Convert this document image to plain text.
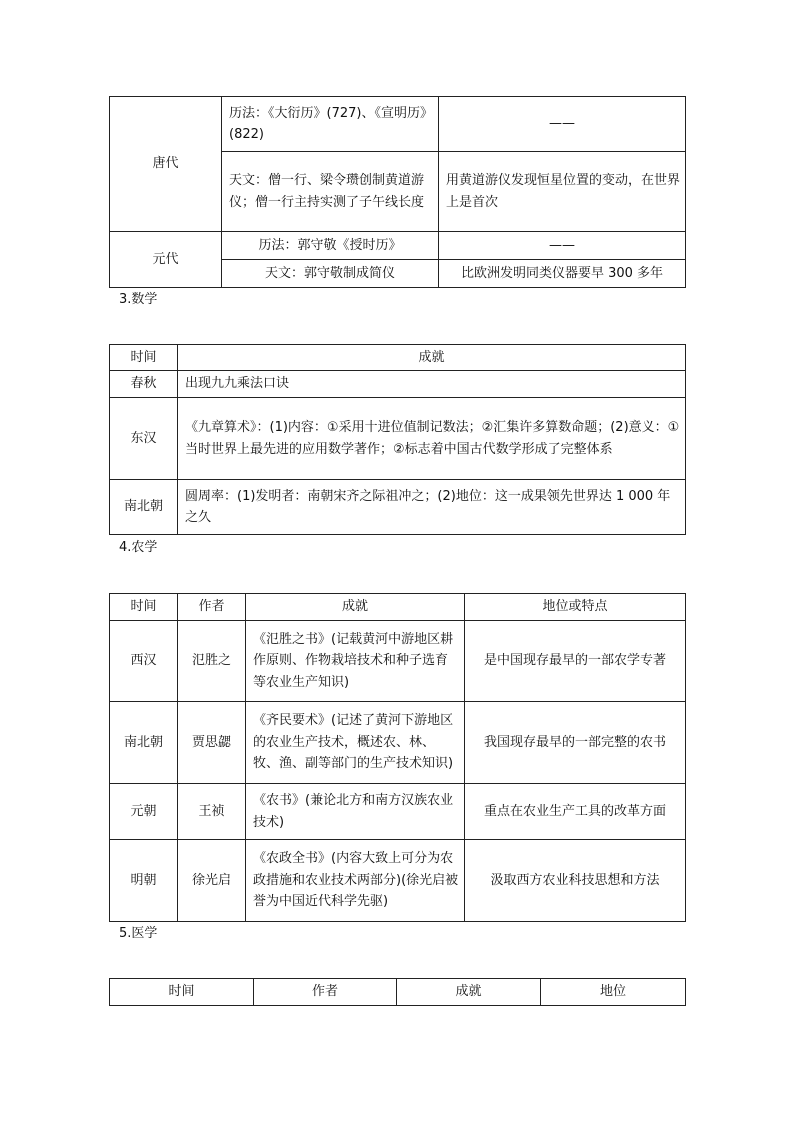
唐代	历法：《大衍历》(727)、《宣明历》(822)	——
	天文：僧一行、梁令瓒创制黄道游仪；僧一行主持实测了子午线长度	用黄道游仪发现恒星位置的变动，在世界上是首次
元代	历法：郭守敬《授时历》	——
	天文：郭守敬制成简仪	比欧洲发明同类仪器要早 300 多年
3.数学
时间	成就
春秋	出现九九乘法口诀
东汉	《九章算术》：(1)内容：①采用十进位值制记数法；②汇集许多算数命题；(2)意义：①当时世界上最先进的应用数学著作；②标志着中国古代数学形成了完整体系
南北朝	圆周率：(1)发明者：南朝宋齐之际祖冲之；(2)地位：这一成果领先世界达 1 000 年之久
4.农学
时间	作者	成就	地位或特点
西汉	氾胜之	《氾胜之书》(记载黄河中游地区耕作原则、作物栽培技术和种子选育等农业生产知识)	是中国现存最早的一部农学专著
南北朝	贾思勰	《齐民要术》(记述了黄河下游地区的农业生产技术，概述农、林、牧、渔、副等部门的生产技术知识)	我国现存最早的一部完整的农书
元朝	王祯	《农书》(兼论北方和南方汉族农业技术)	重点在农业生产工具的改革方面
明朝	徐光启	《农政全书》(内容大致上可分为农政措施和农业技术两部分)(徐光启被誉为中国近代科学先驱)	汲取西方农业科技思想和方法
5.医学
时间	作者	成就	地位
